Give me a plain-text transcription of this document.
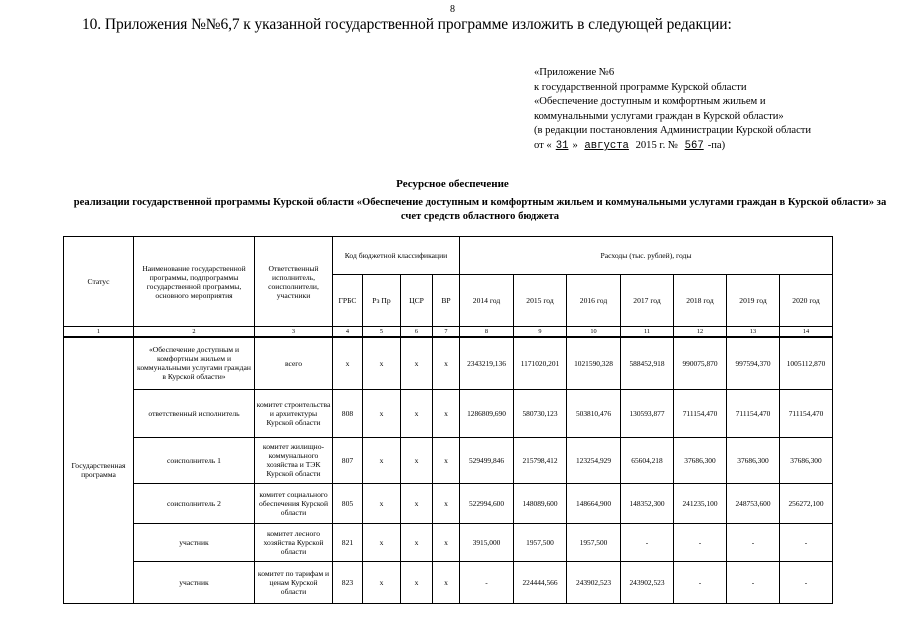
8
10. Приложения №№6,7 к указанной государственной программе изложить в следующей редакции:
«Приложение №6
к государственной программе Курской области
«Обеспечение доступным и комфортным жильем и
коммунальными услугами граждан в Курской области»
(в редакции постановления Администрации Курской области
от « 31 » августа 2015 г. № 567 -па)
Ресурсное обеспечение
реализации государственной программы Курской области «Обеспечение доступным и комфортным жильем и коммунальными услугами граждан в Курской области» за счет средств областного бюджета
Статус	Наименование государственной программы, подпрограммы государственной программы, основного мероприятия	Ответственный исполнитель, соисполнители, участники	Код бюджетной классификации				Расходы (тыс. рублей), годы						
			ГРБС	Рз Пр	ЦСР	ВР	2014 год	2015 год	2016 год	2017 год	2018 год	2019 год	2020 год
1	2	3	4	5	6	7	8	9	10	11	12	13	14
Государственная программа	«Обеспечение доступным и комфортным жильем и коммунальными услугами граждан в Курской области»	всего	х	х	х	х	2343219,136	1171020,201	1021590,328	588452,918	990075,870	997594,370	1005112,870
	ответственный исполнитель	комитет строительства и архитектуры Курской области	808	х	х	х	1286809,690	580730,123	503810,476	130593,877	711154,470	711154,470	711154,470
	соисполнитель 1	комитет жилищно-коммунального хозяйства и ТЭК Курской области	807	х	х	х	529499,846	215798,412	123254,929	65604,218	37686,300	37686,300	37686,300
	соисполнитель 2	комитет социального обеспечения Курской области	805	х	х	х	522994,600	148089,600	148664,900	148352,300	241235,100	248753,600	256272,100
	участник	комитет лесного хозяйства Курской области	821	х	х	х	3915,000	1957,500	1957,500	-	-	-	-
	участник	комитет по тарифам и ценам Курской области	823	х	х	х	-	224444,566	243902,523	243902,523	-	-	-
